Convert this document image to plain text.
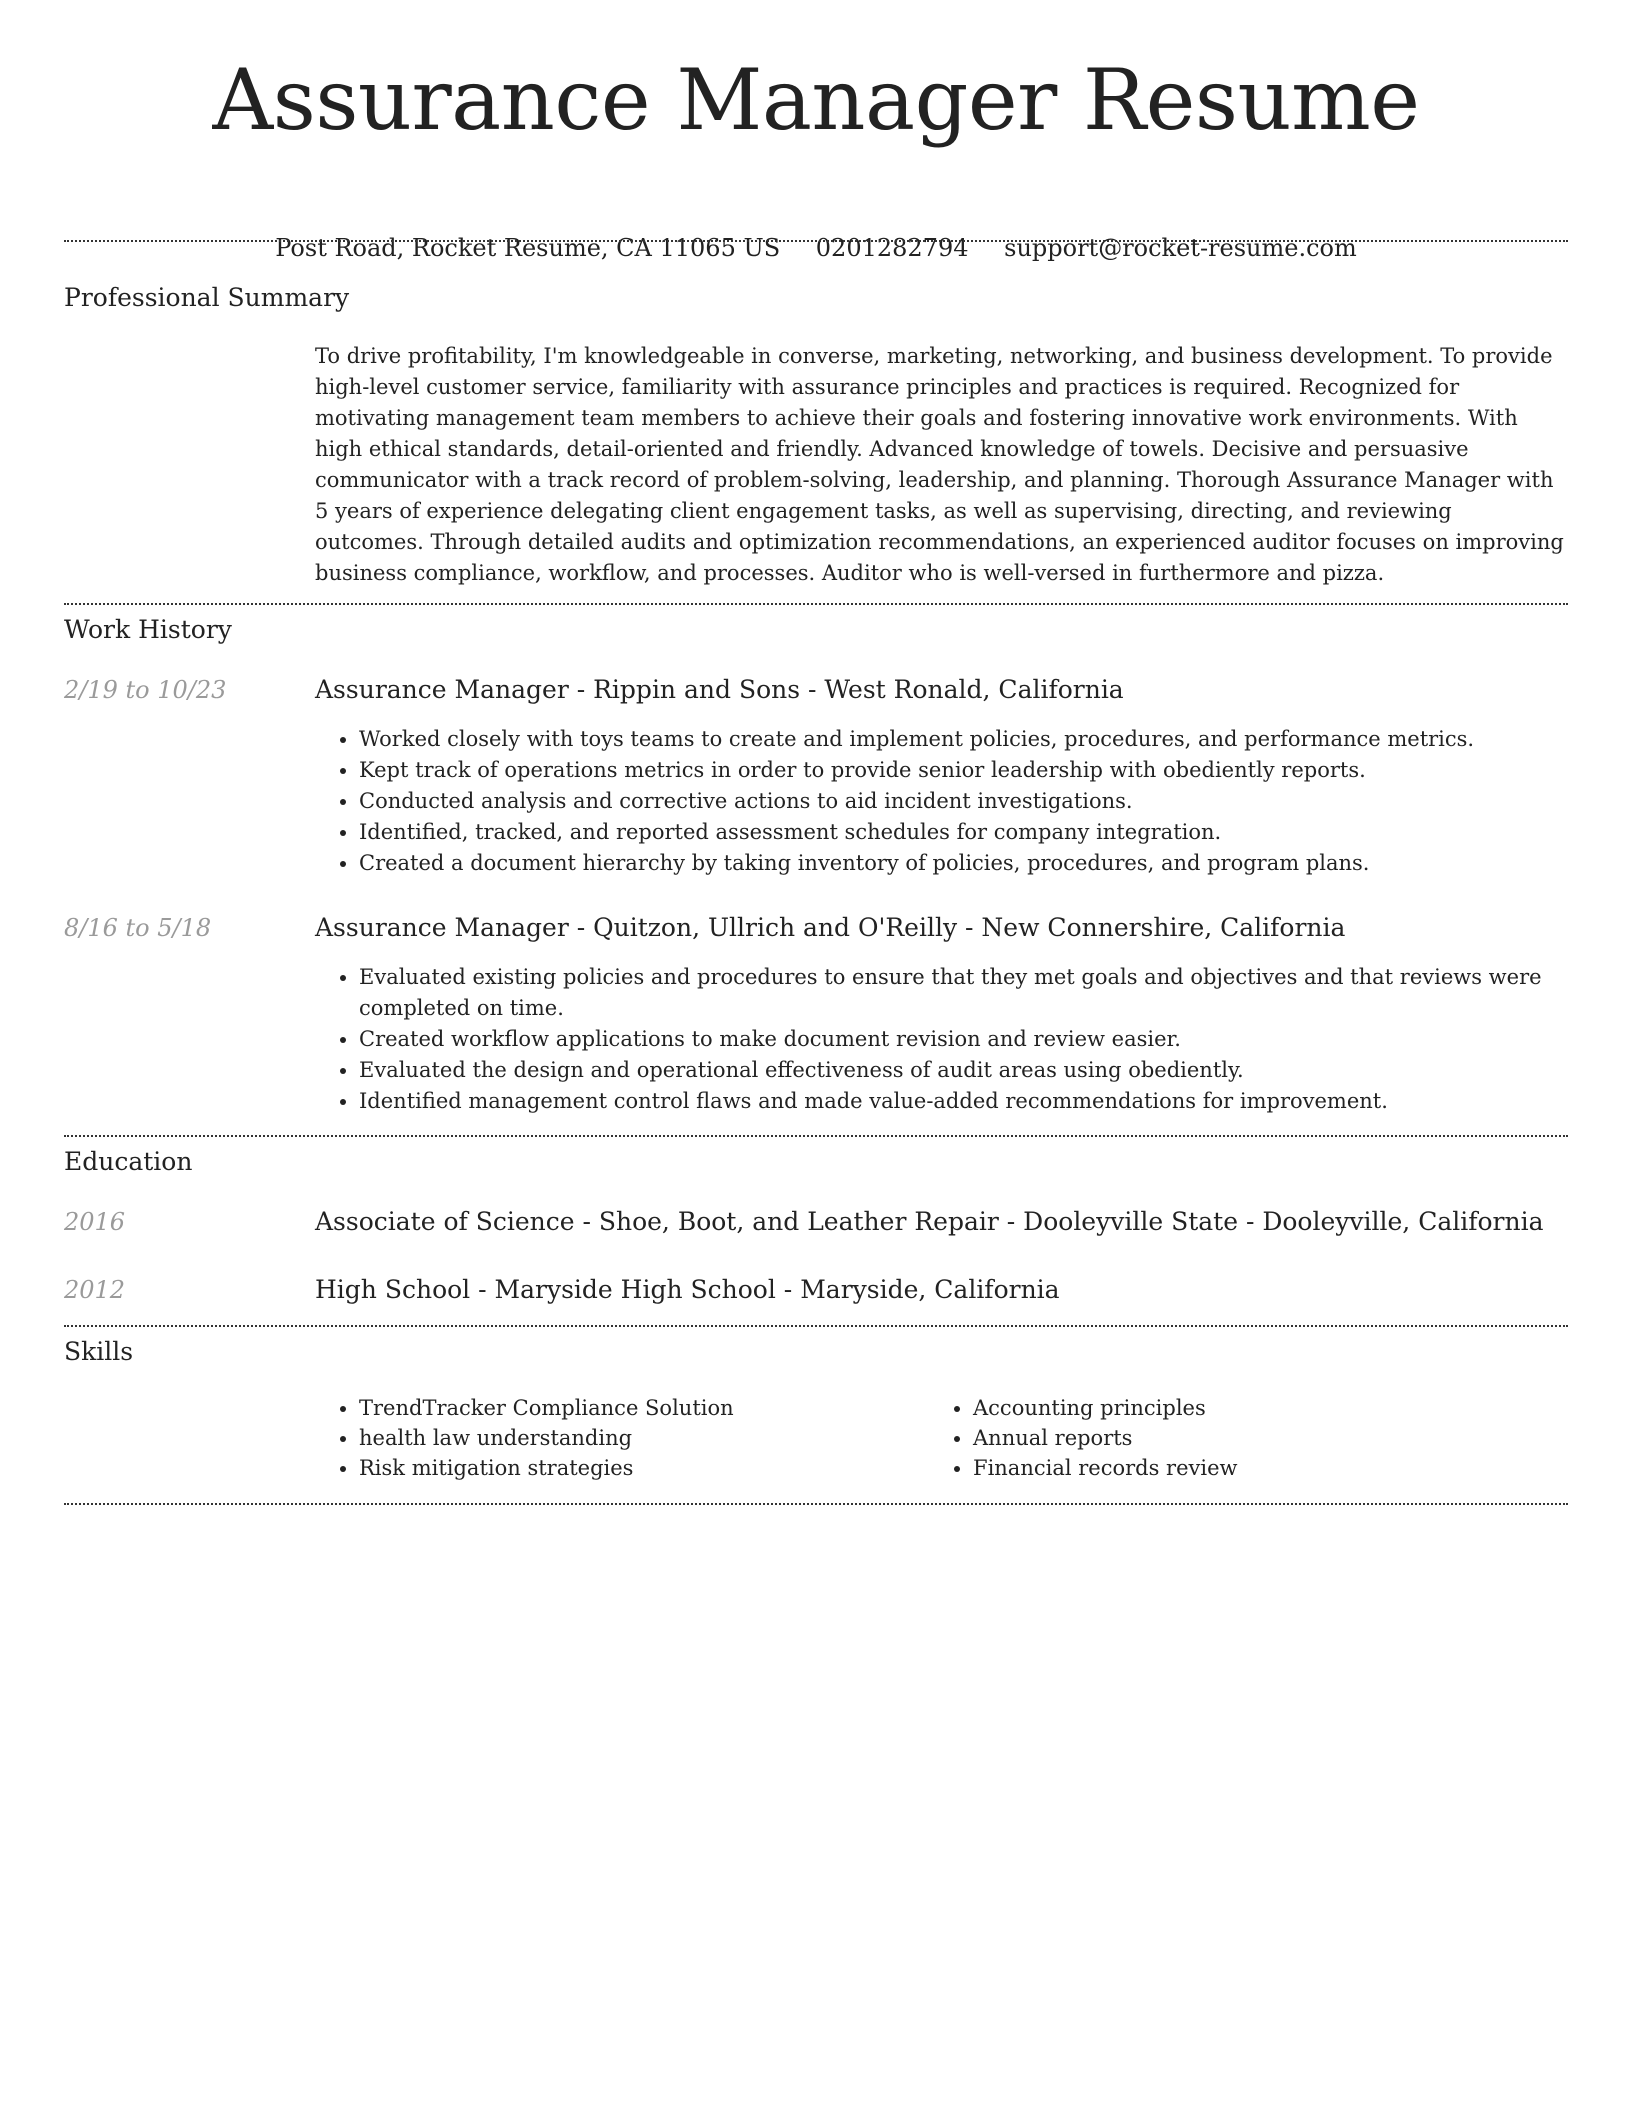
Assurance Manager Resume
Post Road, Rocket Resume, CA 11065 US 0201282794 support@rocket-resume.com
Professional Summary

To drive profitability, I'm knowledgeable in converse, marketing, networking, and business development. To provide high-level customer service, familiarity with assurance principles and practices is required. Recognized for motivating management team members to achieve their goals and fostering innovative work environments. With high ethical standards, detail-oriented and friendly. Advanced knowledge of towels. Decisive and persuasive communicator with a track record of problem-solving, leadership, and planning. Thorough Assurance Manager with 5 years of experience delegating client engagement tasks, as well as supervising, directing, and reviewing outcomes. Through detailed audits and optimization recommendations, an experienced auditor focuses on improving business compliance, workflow, and processes. Auditor who is well-versed in furthermore and pizza.

Work History
2/19 to 10/23	Assurance Manager - Rippin and Sons - West Ronald, California
• Worked closely with toys teams to create and implement policies, procedures, and performance metrics.
• Kept track of operations metrics in order to provide senior leadership with obediently reports.
• Conducted analysis and corrective actions to aid incident investigations.
• Identified, tracked, and reported assessment schedules for company integration.
• Created a document hierarchy by taking inventory of policies, procedures, and program plans.
8/16 to 5/18	Assurance Manager - Quitzon, Ullrich and O'Reilly - New Connershire, California
• Evaluated existing policies and procedures to ensure that they met goals and objectives and that reviews were completed on time.
• Created workflow applications to make document revision and review easier.
• Evaluated the design and operational effectiveness of audit areas using obediently.
• Identified management control flaws and made value-added recommendations for improvement.
Education
2016	Associate of Science - Shoe, Boot, and Leather Repair - Dooleyville State - Dooleyville, California
2012	High School - Maryside High School - Maryside, California
Skills
• TrendTracker Compliance Solution
• health law understanding
• Risk mitigation strategies
• Accounting principles
• Annual reports
• Financial records review
